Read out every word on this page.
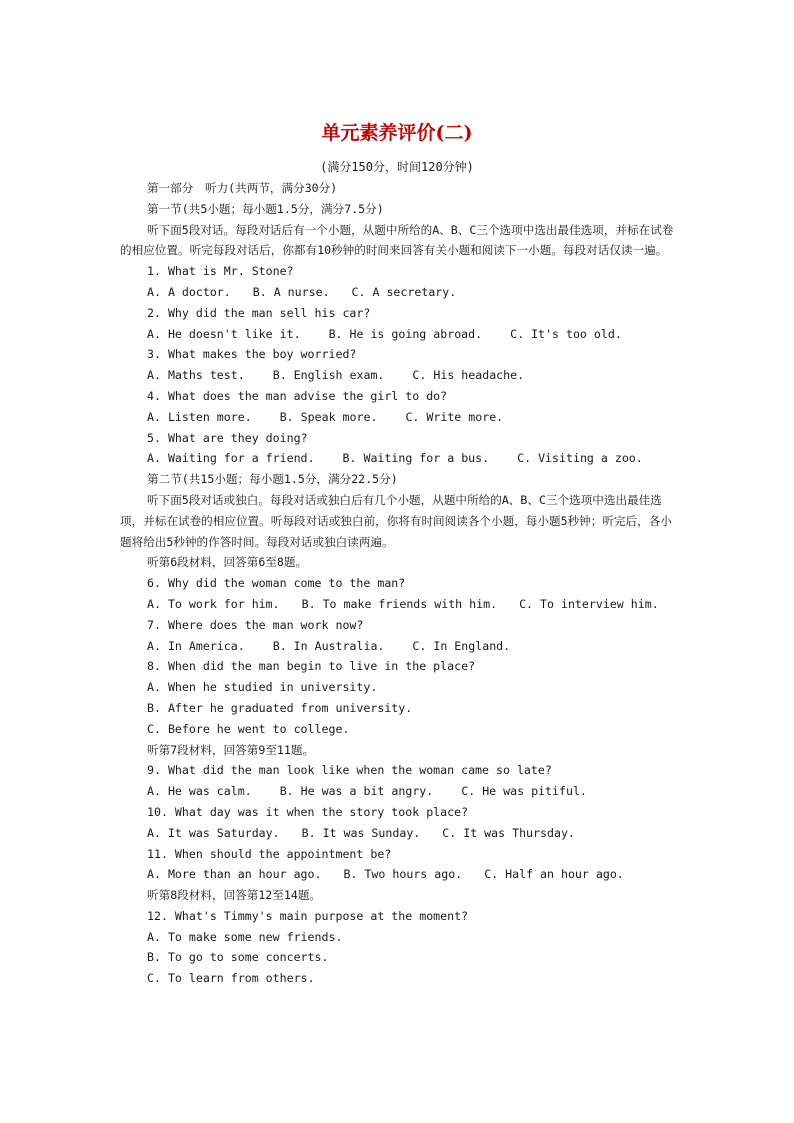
单元素养评价(二)
(满分150分，时间120分钟)
第一部分　听力(共两节，满分30分)
第一节(共5小题；每小题1.5分，满分7.5分)
听下面5段对话。每段对话后有一个小题，从题中所给的A、B、C三个选项中选出最佳选项，并标在试卷的相应位置。听完每段对话后，你都有10秒钟的时间来回答有关小题和阅读下一小题。每段对话仅读一遍。
1. What is Mr. Stone?
A. A doctor. B. A nurse. C. A secretary.
2. Why did the man sell his car?
A. He doesn't like it. B. He is going abroad. C. It's too old.
3. What makes the boy worried?
A. Maths test. B. English exam. C. His headache.
4. What does the man advise the girl to do?
A. Listen more. B. Speak more. C. Write more.
5. What are they doing?
A. Waiting for a friend. B. Waiting for a bus. C. Visiting a zoo.
第二节(共15小题；每小题1.5分，满分22.5分)
听下面5段对话或独白。每段对话或独白后有几个小题，从题中所给的A、B、C三个选项中选出最佳选项，并标在试卷的相应位置。听每段对话或独白前，你将有时间阅读各个小题，每小题5秒钟；听完后，各小题将给出5秒钟的作答时间。每段对话或独白读两遍。
听第6段材料，回答第6至8题。
6. Why did the woman come to the man?
A. To work for him. B. To make friends with him. C. To interview him.
7. Where does the man work now?
A. In America. B. In Australia. C. In England.
8. When did the man begin to live in the place?
A. When he studied in university.
B. After he graduated from university.
C. Before he went to college.
听第7段材料，回答第9至11题。
9. What did the man look like when the woman came so late?
A. He was calm. B. He was a bit angry. C. He was pitiful.
10. What day was it when the story took place?
A. It was Saturday. B. It was Sunday. C. It was Thursday.
11. When should the appointment be?
A. More than an hour ago. B. Two hours ago. C. Half an hour ago.
听第8段材料，回答第12至14题。
12. What's Timmy's main purpose at the moment?
A. To make some new friends.
B. To go to some concerts.
C. To learn from others.
